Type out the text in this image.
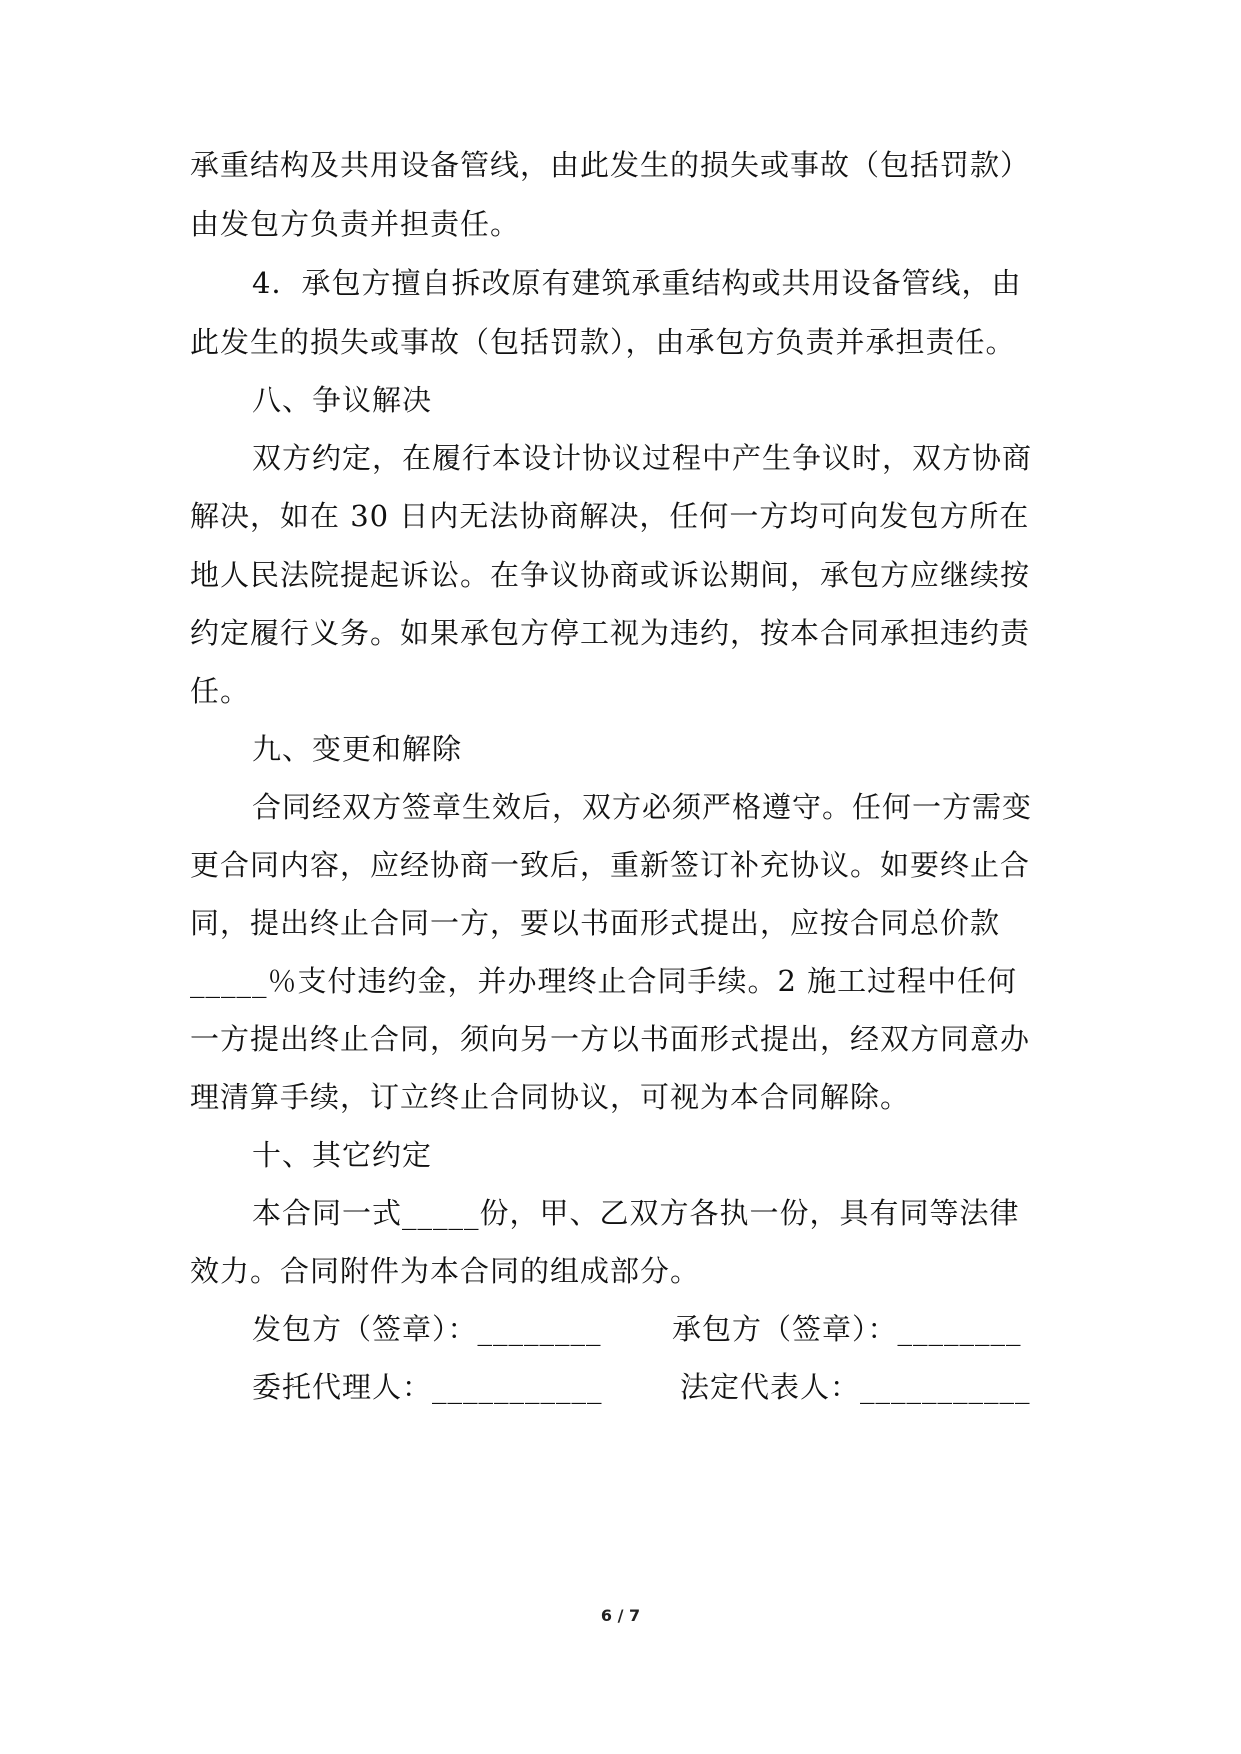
承重结构及共用设备管线，由此发生的损失或事故（包括罚款）
由发包方负责并担责任。
4．承包方擅自拆改原有建筑承重结构或共用设备管线，由
此发生的损失或事故（包括罚款），由承包方负责并承担责任。
八、争议解决
双方约定，在履行本设计协议过程中产生争议时，双方协商
解决，如在 30 日内无法协商解决，任何一方均可向发包方所在
地人民法院提起诉讼。在争议协商或诉讼期间，承包方应继续按
约定履行义务。如果承包方停工视为违约，按本合同承担违约责
任。
九、变更和解除
合同经双方签章生效后，双方必须严格遵守。任何一方需变
更合同内容，应经协商一致后，重新签订补充协议。如要终止合
同，提出终止合同一方，要以书面形式提出，应按合同总价款
_____％支付违约金，并办理终止合同手续。2 施工过程中任何
一方提出终止合同，须向另一方以书面形式提出，经双方同意办
理清算手续，订立终止合同协议，可视为本合同解除。
十、其它约定
本合同一式_____份，甲、乙双方各执一份，具有同等法律
效力。合同附件为本合同的组成部分。
发包方（签章）：________ 承包方（签章）：________
委托代理人：___________	法定代表人：___________
6 / 7
